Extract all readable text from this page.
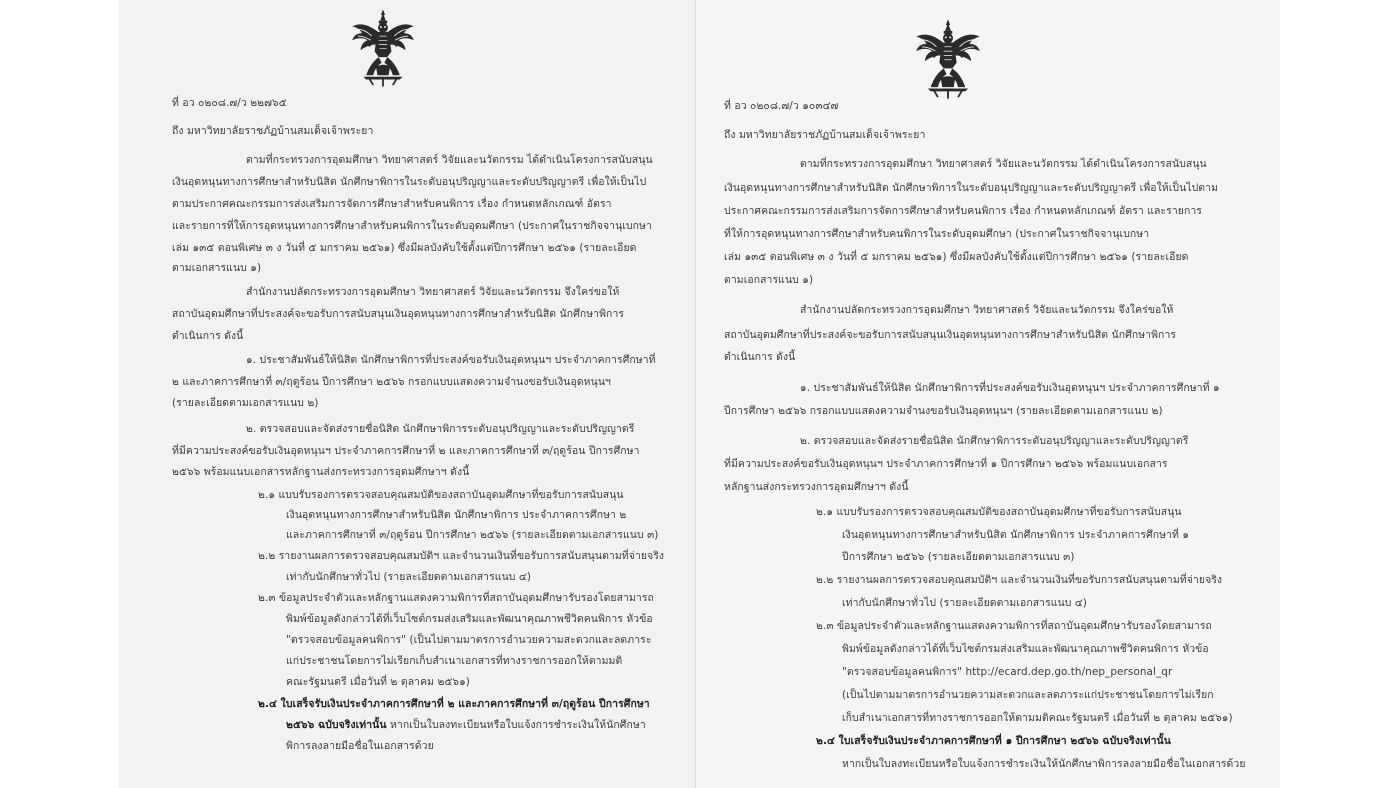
ที่ อว ๐๒๐๘.๗/ว ๒๒๗๖๕
ถึง มหาวิทยาลัยราชภัฏบ้านสมเด็จเจ้าพระยา
ตามที่กระทรวงการอุดมศึกษา วิทยาศาสตร์ วิจัยและนวัตกรรม ได้ดำเนินโครงการสนับสนุน
เงินอุดหนุนทางการศึกษาสำหรับนิสิต นักศึกษาพิการในระดับอนุปริญญาและระดับปริญญาตรี เพื่อให้เป็นไป
ตามประกาศคณะกรรมการส่งเสริมการจัดการศึกษาสำหรับคนพิการ เรื่อง กำหนดหลักเกณฑ์ อัตรา
และรายการที่ให้การอุดหนุนทางการศึกษาสำหรับคนพิการในระดับอุดมศึกษา (ประกาศในราชกิจจานุเบกษา
เล่ม ๑๓๕ ตอนพิเศษ ๓ ง วันที่ ๕ มกราคม ๒๕๖๑) ซึ่งมีผลบังคับใช้ตั้งแต่ปีการศึกษา ๒๕๖๑ (รายละเอียด
ตามเอกสารแนบ ๑)
สำนักงานปลัดกระทรวงการอุดมศึกษา วิทยาศาสตร์ วิจัยและนวัตกรรม จึงใคร่ขอให้
สถาบันอุดมศึกษาที่ประสงค์จะขอรับการสนับสนุนเงินอุดหนุนทางการศึกษาสำหรับนิสิต นักศึกษาพิการ
ดำเนินการ ดังนี้
๑. ประชาสัมพันธ์ให้นิสิต นักศึกษาพิการที่ประสงค์ขอรับเงินอุดหนุนฯ ประจำภาคการศึกษาที่
๒ และภาคการศึกษาที่ ๓/ฤดูร้อน ปีการศึกษา ๒๕๖๖ กรอกแบบแสดงความจำนงขอรับเงินอุดหนุนฯ
(รายละเอียดตามเอกสารแนบ ๒)
๒. ตรวจสอบและจัดส่งรายชื่อนิสิต นักศึกษาพิการระดับอนุปริญญาและระดับปริญญาตรี
ที่มีความประสงค์ขอรับเงินอุดหนุนฯ ประจำภาคการศึกษาที่ ๒ และภาคการศึกษาที่ ๓/ฤดูร้อน ปีการศึกษา
๒๕๖๖ พร้อมแนบเอกสารหลักฐานส่งกระทรวงการอุดมศึกษาฯ ดังนี้
๒.๑ แบบรับรองการตรวจสอบคุณสมบัติของสถาบันอุดมศึกษาที่ขอรับการสนับสนุน
เงินอุดหนุนทางการศึกษาสำหรับนิสิต นักศึกษาพิการ ประจำภาคการศึกษา ๒
และภาคการศึกษาที่ ๓/ฤดูร้อน ปีการศึกษา ๒๕๖๖ (รายละเอียดตามเอกสารแนบ ๓)
๒.๒ รายงานผลการตรวจสอบคุณสมบัติฯ และจำนวนเงินที่ขอรับการสนับสนุนตามที่จ่ายจริง
เท่ากับนักศึกษาทั่วไป (รายละเอียดตามเอกสารแนบ ๔)
๒.๓ ข้อมูลประจำตัวและหลักฐานแสดงความพิการที่สถาบันอุดมศึกษารับรองโดยสามารถ
พิมพ์ข้อมูลดังกล่าวได้ที่เว็บไซต์กรมส่งเสริมและพัฒนาคุณภาพชีวิตคนพิการ หัวข้อ
"ตรวจสอบข้อมูลคนพิการ" (เป็นไปตามมาตรการอำนวยความสะดวกและลดภาระ
แก่ประชาชนโดยการไม่เรียกเก็บสำเนาเอกสารที่ทางราชการออกให้ตามมติ
คณะรัฐมนตรี เมื่อวันที่ ๒ ตุลาคม ๒๕๖๑)
๒.๔ ใบเสร็จรับเงินประจำภาคการศึกษาที่ ๒ และภาคการศึกษาที่ ๓/ฤดูร้อน ปีการศึกษา
๒๕๖๖ ฉบับจริงเท่านั้น หากเป็นใบลงทะเบียนหรือใบแจ้งการชำระเงินให้นักศึกษา
พิการลงลายมือชื่อในเอกสารด้วย
ที่ อว ๐๒๐๘.๗/ว ๑๐๓๔๗
ถึง มหาวิทยาลัยราชภัฏบ้านสมเด็จเจ้าพระยา
ตามที่กระทรวงการอุดมศึกษา วิทยาศาสตร์ วิจัยและนวัตกรรม ได้ดำเนินโครงการสนับสนุน
เงินอุดหนุนทางการศึกษาสำหรับนิสิต นักศึกษาพิการในระดับอนุปริญญาและระดับปริญญาตรี เพื่อให้เป็นไปตาม
ประกาศคณะกรรมการส่งเสริมการจัดการศึกษาสำหรับคนพิการ เรื่อง กำหนดหลักเกณฑ์ อัตรา และรายการ
ที่ให้การอุดหนุนทางการศึกษาสำหรับคนพิการในระดับอุดมศึกษา (ประกาศในราชกิจจานุเบกษา
เล่ม ๑๓๕ ตอนพิเศษ ๓ ง วันที่ ๕ มกราคม ๒๕๖๑) ซึ่งมีผลบังคับใช้ตั้งแต่ปีการศึกษา ๒๕๖๑ (รายละเอียด
ตามเอกสารแนบ ๑)
สำนักงานปลัดกระทรวงการอุดมศึกษา วิทยาศาสตร์ วิจัยและนวัตกรรม จึงใคร่ขอให้
สถาบันอุดมศึกษาที่ประสงค์จะขอรับการสนับสนุนเงินอุดหนุนทางการศึกษาสำหรับนิสิต นักศึกษาพิการ
ดำเนินการ ดังนี้
๑. ประชาสัมพันธ์ให้นิสิต นักศึกษาพิการที่ประสงค์ขอรับเงินอุดหนุนฯ ประจำภาคการศึกษาที่ ๑
ปีการศึกษา ๒๕๖๖ กรอกแบบแสดงความจำนงขอรับเงินอุดหนุนฯ (รายละเอียดตามเอกสารแนบ ๒)
๒. ตรวจสอบและจัดส่งรายชื่อนิสิต นักศึกษาพิการระดับอนุปริญญาและระดับปริญญาตรี
ที่มีความประสงค์ขอรับเงินอุดหนุนฯ ประจำภาคการศึกษาที่ ๑ ปีการศึกษา ๒๕๖๖ พร้อมแนบเอกสาร
หลักฐานส่งกระทรวงการอุดมศึกษาฯ ดังนี้
๒.๑ แบบรับรองการตรวจสอบคุณสมบัติของสถาบันอุดมศึกษาที่ขอรับการสนับสนุน
เงินอุดหนุนทางการศึกษาสำหรับนิสิต นักศึกษาพิการ ประจำภาคการศึกษาที่ ๑
ปีการศึกษา ๒๕๖๖ (รายละเอียดตามเอกสารแนบ ๓)
๒.๒ รายงานผลการตรวจสอบคุณสมบัติฯ และจำนวนเงินที่ขอรับการสนับสนุนตามที่จ่ายจริง
เท่ากับนักศึกษาทั่วไป (รายละเอียดตามเอกสารแนบ ๔)
๒.๓ ข้อมูลประจำตัวและหลักฐานแสดงความพิการที่สถาบันอุดมศึกษารับรองโดยสามารถ
พิมพ์ข้อมูลดังกล่าวได้ที่เว็บไซต์กรมส่งเสริมและพัฒนาคุณภาพชีวิตคนพิการ หัวข้อ
"ตรวจสอบข้อมูลคนพิการ" http://ecard.dep.go.th/nep_personal_qr
(เป็นไปตามมาตรการอำนวยความสะดวกและลดภาระแก่ประชาชนโดยการไม่เรียก
เก็บสำเนาเอกสารที่ทางราชการออกให้ตามมติคณะรัฐมนตรี เมื่อวันที่ ๒ ตุลาคม ๒๕๖๑)
๒.๔ ใบเสร็จรับเงินประจำภาคการศึกษาที่ ๑ ปีการศึกษา ๒๕๖๖ ฉบับจริงเท่านั้น
หากเป็นใบลงทะเบียนหรือใบแจ้งการชำระเงินให้นักศึกษาพิการลงลายมือชื่อในเอกสารด้วย
